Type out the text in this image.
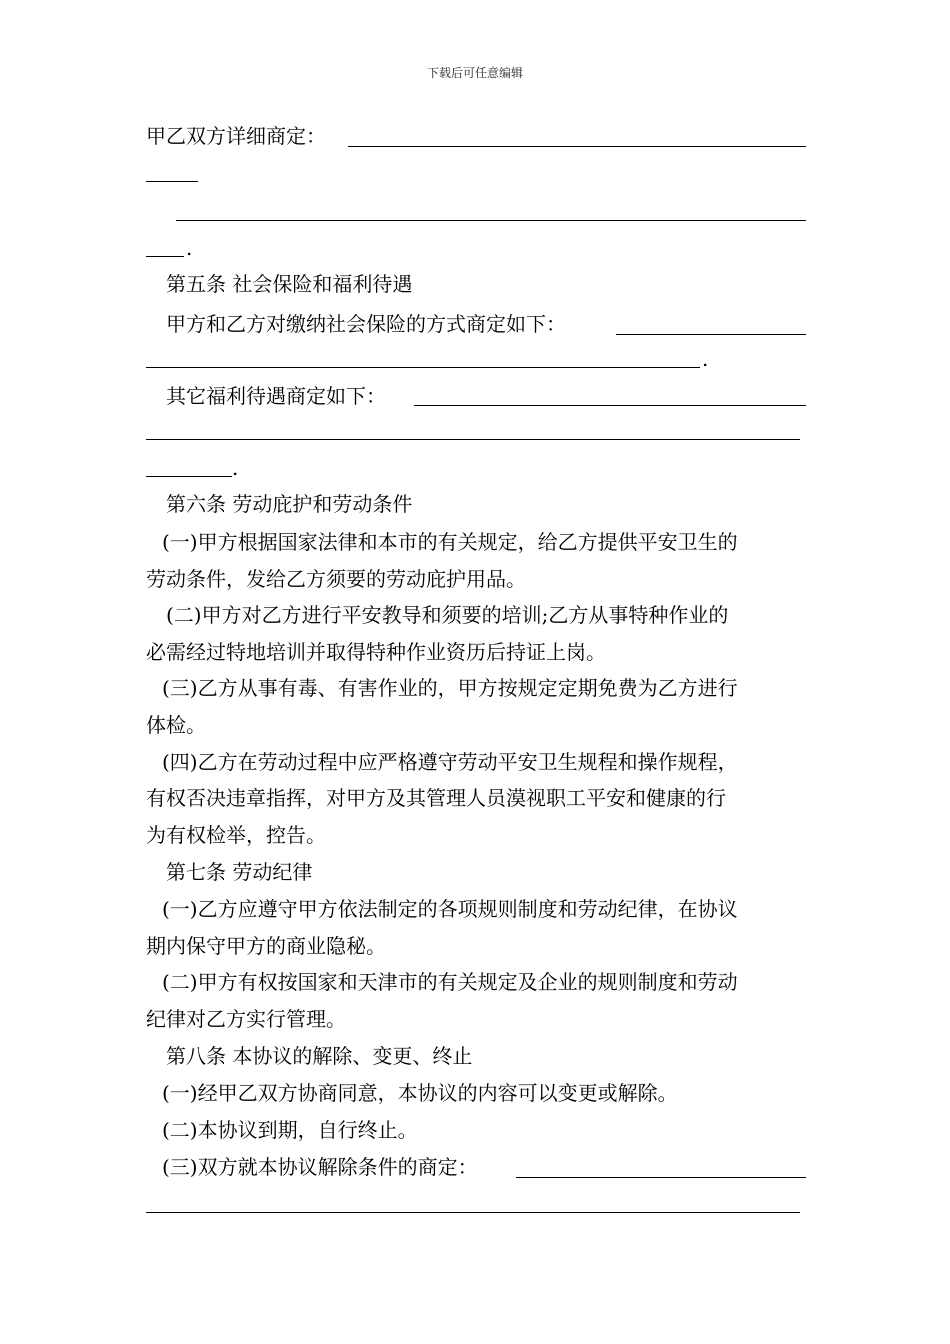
下载后可任意编辑
甲乙双方详细商定：
.
第五条 社会保险和福利待遇
甲方和乙方对缴纳社会保险的方式商定如下：
.
其它福利待遇商定如下：
.
第六条 劳动庇护和劳动条件
(一)甲方根据国家法律和本市的有关规定，给乙方提供平安卫生的
劳动条件，发给乙方须要的劳动庇护用品。
(二)甲方对乙方进行平安教导和须要的培训;乙方从事特种作业的
必需经过特地培训并取得特种作业资历后持证上岗。
(三)乙方从事有毒、有害作业的，甲方按规定定期免费为乙方进行
体检。
(四)乙方在劳动过程中应严格遵守劳动平安卫生规程和操作规程，
有权否决违章指挥，对甲方及其管理人员漠视职工平安和健康的行
为有权检举，控告。
第七条 劳动纪律
(一)乙方应遵守甲方依法制定的各项规则制度和劳动纪律，在协议
期内保守甲方的商业隐秘。
(二)甲方有权按国家和天津市的有关规定及企业的规则制度和劳动
纪律对乙方实行管理。
第八条 本协议的解除、变更、终止
(一)经甲乙双方协商同意，本协议的内容可以变更或解除。
(二)本协议到期，自行终止。
(三)双方就本协议解除条件的商定：
